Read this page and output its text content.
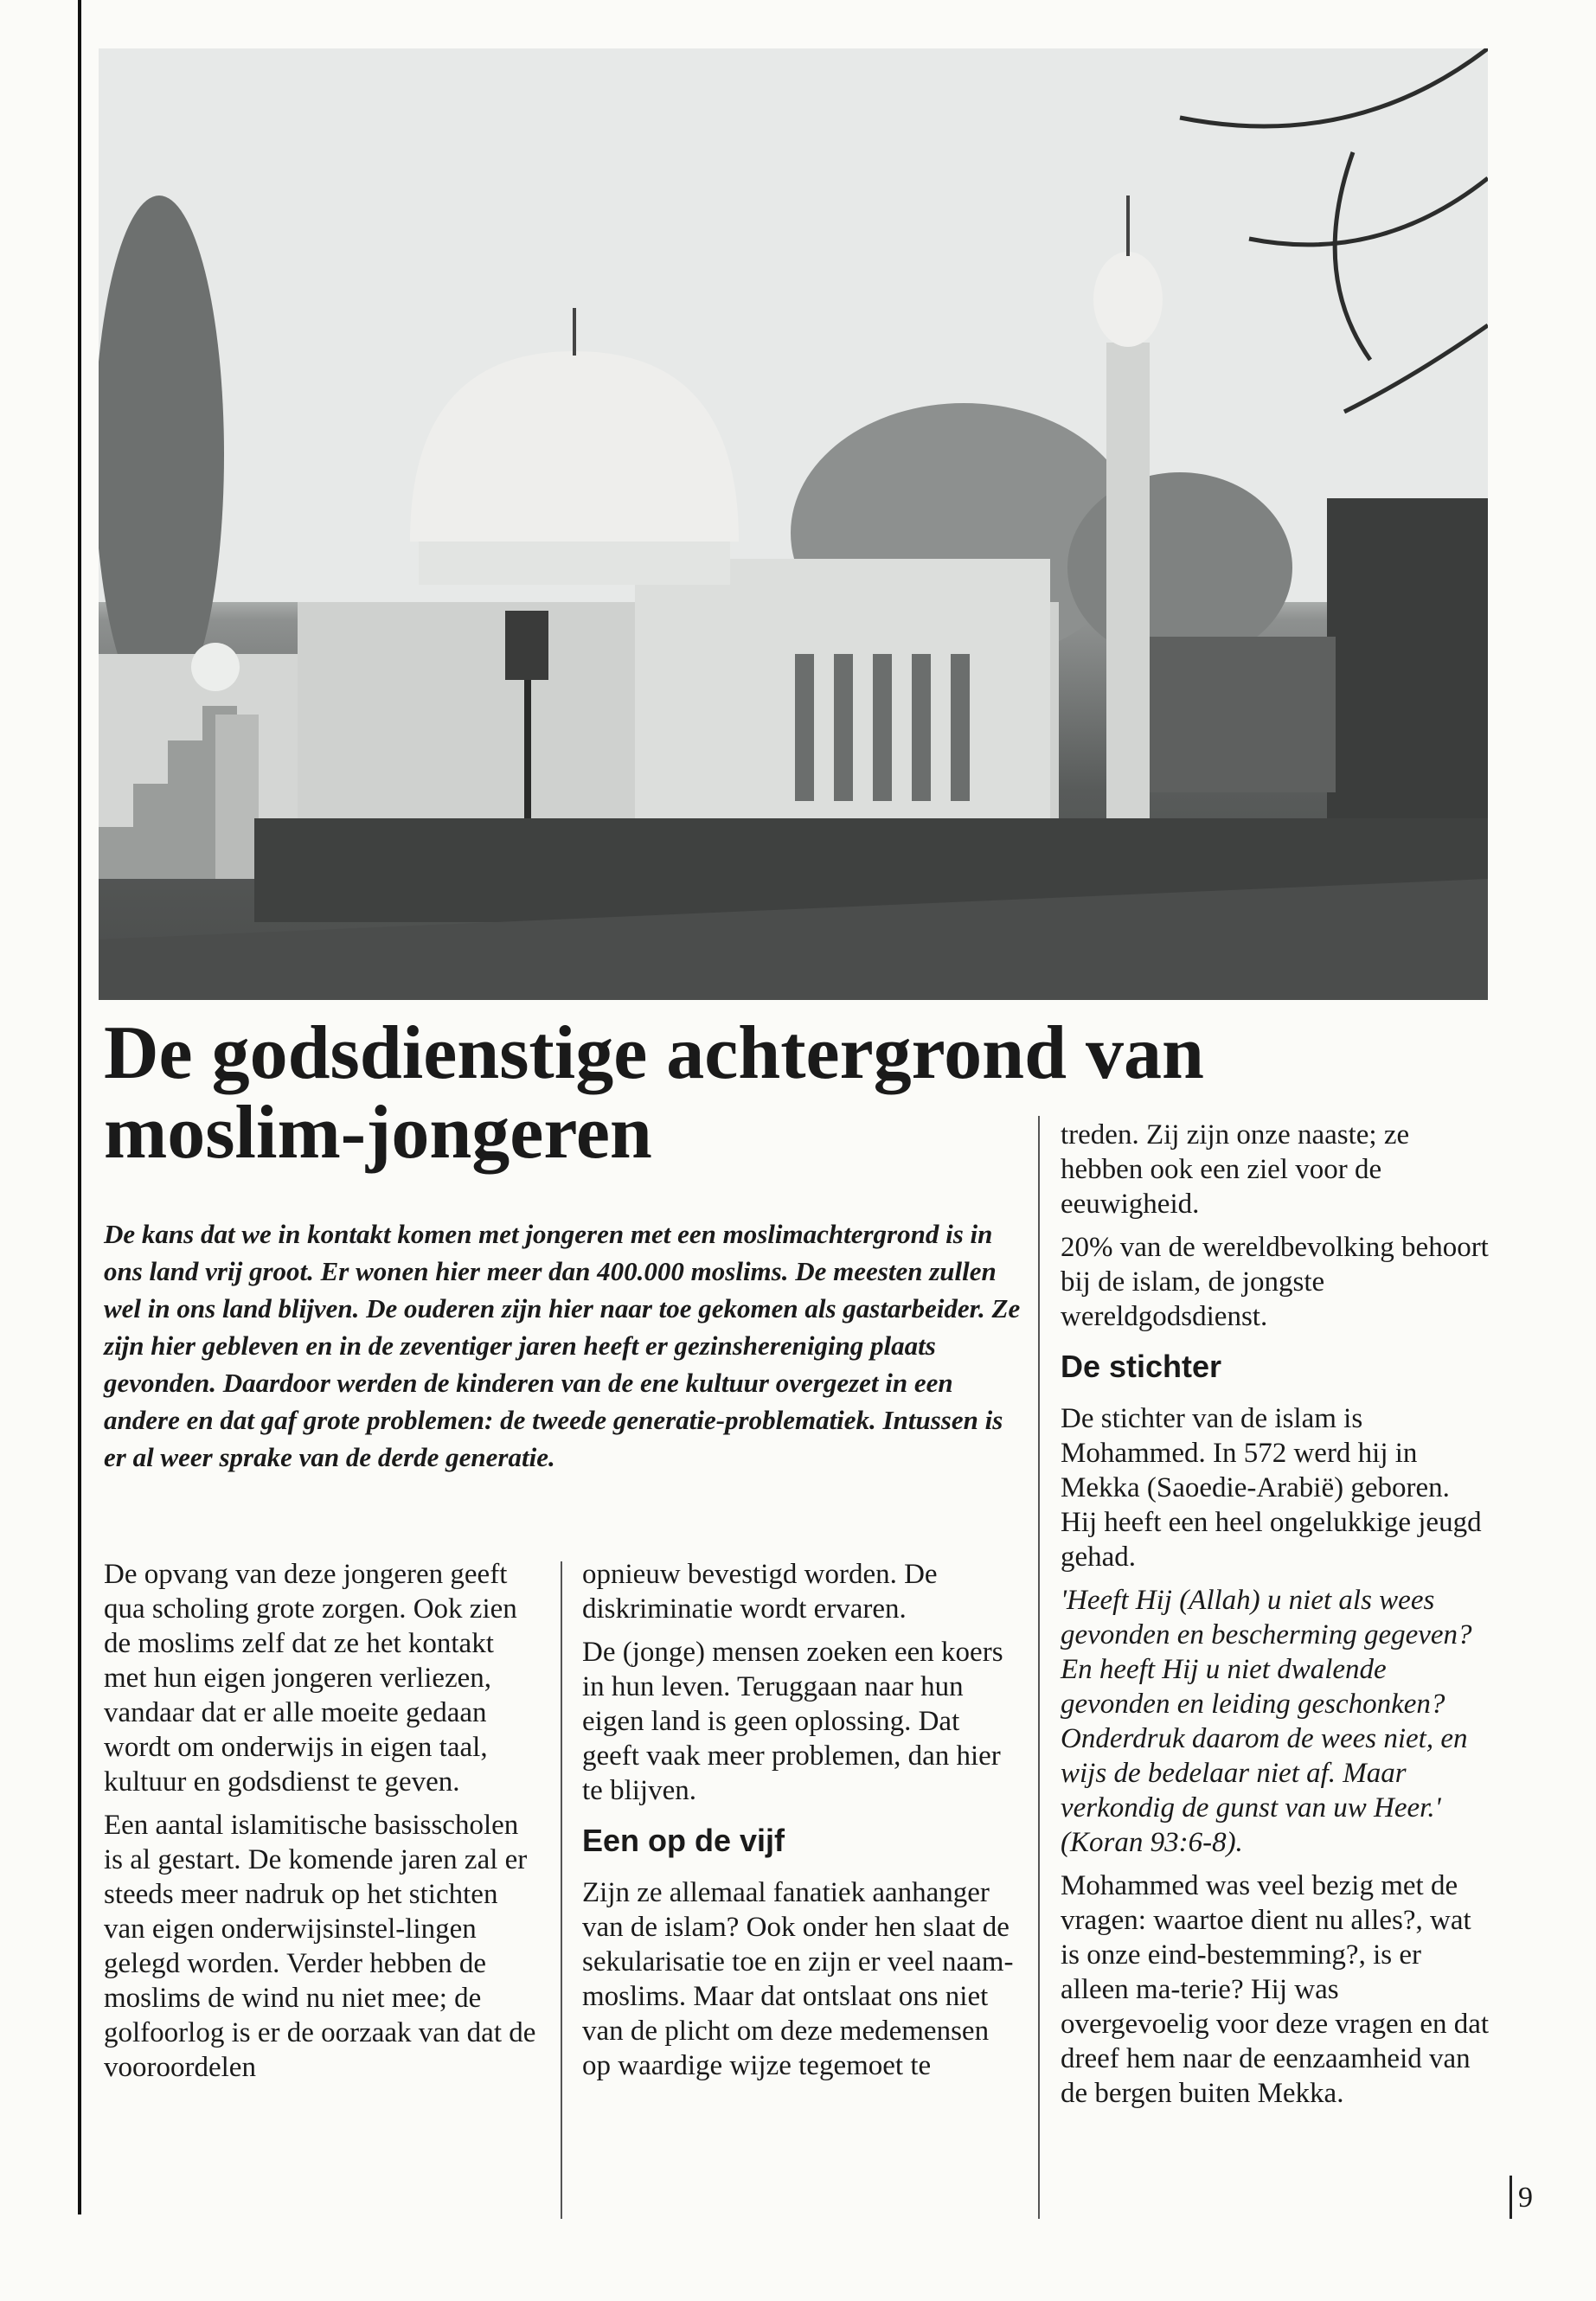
De godsdienstige achtergrond van

moslim-jongeren

De kans dat we in kontakt komen met jongeren met een moslimachtergrond is in ons land vrij groot. Er wonen hier meer dan 400.000 moslims. De meesten zullen wel in ons land blijven. De ouderen zijn hier naar toe gekomen als gastarbeider. Ze zijn hier gebleven en in de zeventiger jaren heeft er gezinshereniging plaats gevonden. Daardoor werden de kinderen van de ene kultuur overgezet in een andere en dat gaf grote problemen: de tweede generatie-problematiek. Intussen is er al weer sprake van de derde generatie.

De opvang van deze jongeren geeft qua scholing grote zorgen. Ook zien de moslims zelf dat ze het kontakt met hun eigen jongeren verliezen, vandaar dat er alle moeite gedaan wordt om onderwijs in eigen taal, kultuur en godsdienst te geven.

Een aantal islamitische basisscholen is al gestart. De komende jaren zal er steeds meer nadruk op het stichten van eigen onderwijsinstel-lingen gelegd worden. Verder hebben de moslims de wind nu niet mee; de golfoorlog is er de oorzaak van dat de vooroordelen

opnieuw bevestigd worden. De diskriminatie wordt ervaren.

De (jonge) mensen zoeken een koers in hun leven. Teruggaan naar hun eigen land is geen oplossing. Dat geeft vaak meer problemen, dan hier te blijven.

Een op de vijf

Zijn ze allemaal fanatiek aanhanger van de islam? Ook onder hen slaat de sekularisatie toe en zijn er veel naam-moslims. Maar dat ontslaat ons niet van de plicht om deze medemensen op waardige wijze tegemoet te

treden. Zij zijn onze naaste; ze hebben ook een ziel voor de eeuwigheid.

20% van de wereldbevolking behoort bij de islam, de jongste wereldgodsdienst.

De stichter

De stichter van de islam is Mohammed. In 572 werd hij in Mekka (Saoedie-Arabië) geboren. Hij heeft een heel ongelukkige jeugd gehad.

'Heeft Hij (Allah) u niet als wees gevonden en bescherming gegeven? En heeft Hij u niet dwalende gevonden en leiding geschonken? Onderdruk daarom de wees niet, en wijs de bedelaar niet af. Maar verkondig de gunst van uw Heer.' (Koran 93:6-8).

Mohammed was veel bezig met de vragen: waartoe dient nu alles?, wat is onze eind-bestemming?, is er alleen ma-terie? Hij was overgevoelig voor deze vragen en dat dreef hem naar de eenzaamheid van de bergen buiten Mekka.

9
